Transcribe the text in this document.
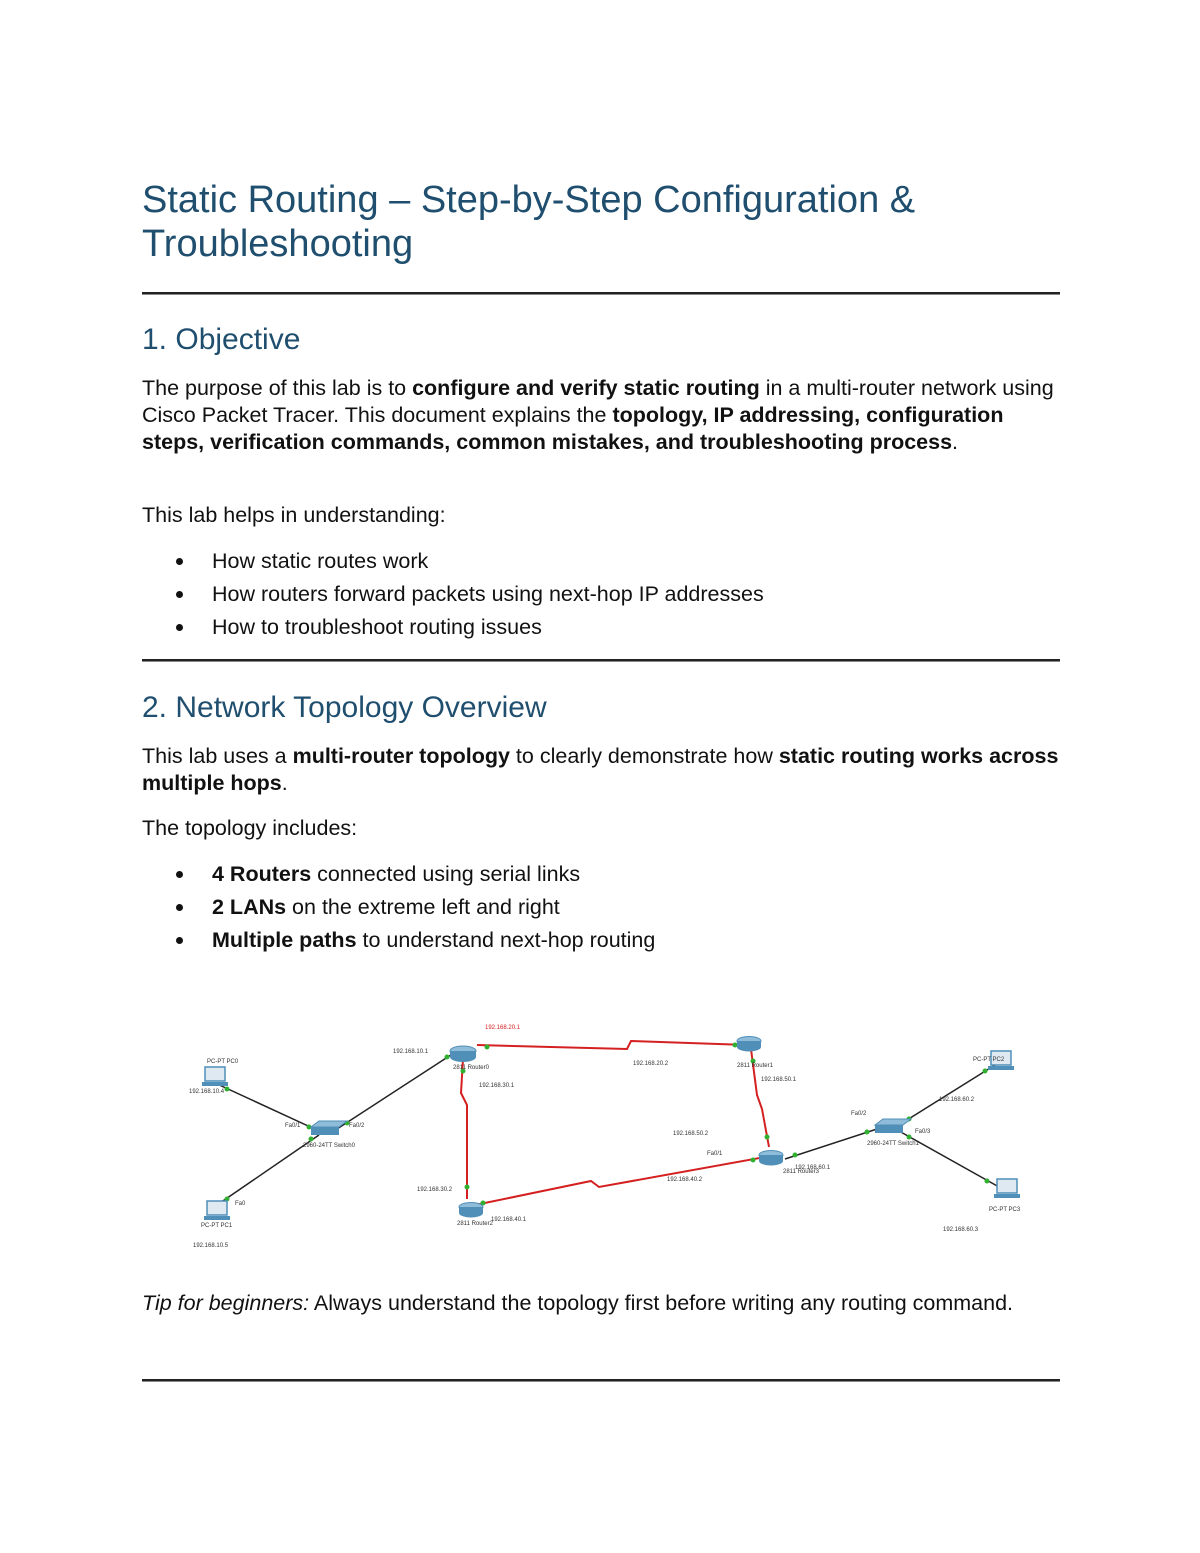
Static Routing – Step-by-Step Configuration & Troubleshooting
1. Objective

The purpose of this lab is to configure and verify static routing in a multi-router network using Cisco Packet Tracer. This document explains the topology, IP addressing, configuration steps, verification commands, common mistakes, and troubleshooting process.

This lab helps in understanding:

How static routes work
How routers forward packets using next-hop IP addresses
How to troubleshoot routing issues
2. Network Topology Overview

This lab uses a multi-router topology to clearly demonstrate how static routing works across multiple hops.

The topology includes:

4 Routers connected using serial links
2 LANs on the extreme left and right
Multiple paths to understand next-hop routing
192.168.10.4
PC-PT PC0
Fa0/1	Fa0/2
Fa0
PC-PT PC1
192.168.10.5
2960-24TT Switch0
192.168.10.1
2811 Router0
192.168.20.1
192.168.30.1
192.168.20.2	2811 Router1
192.168.50.1
192.168.50.2
Fa0/1
2811 Router3
192.168.60.1
192.168.40.2
192.168.30.2
2811 Router2
192.168.40.1
Fa0/2
Fa0/3
2960-24TT Switch1
PC-PT PC2
192.168.60.2
PC-PT PC3
192.168.60.3

Tip for beginners: Always understand the topology first before writing any routing command.
